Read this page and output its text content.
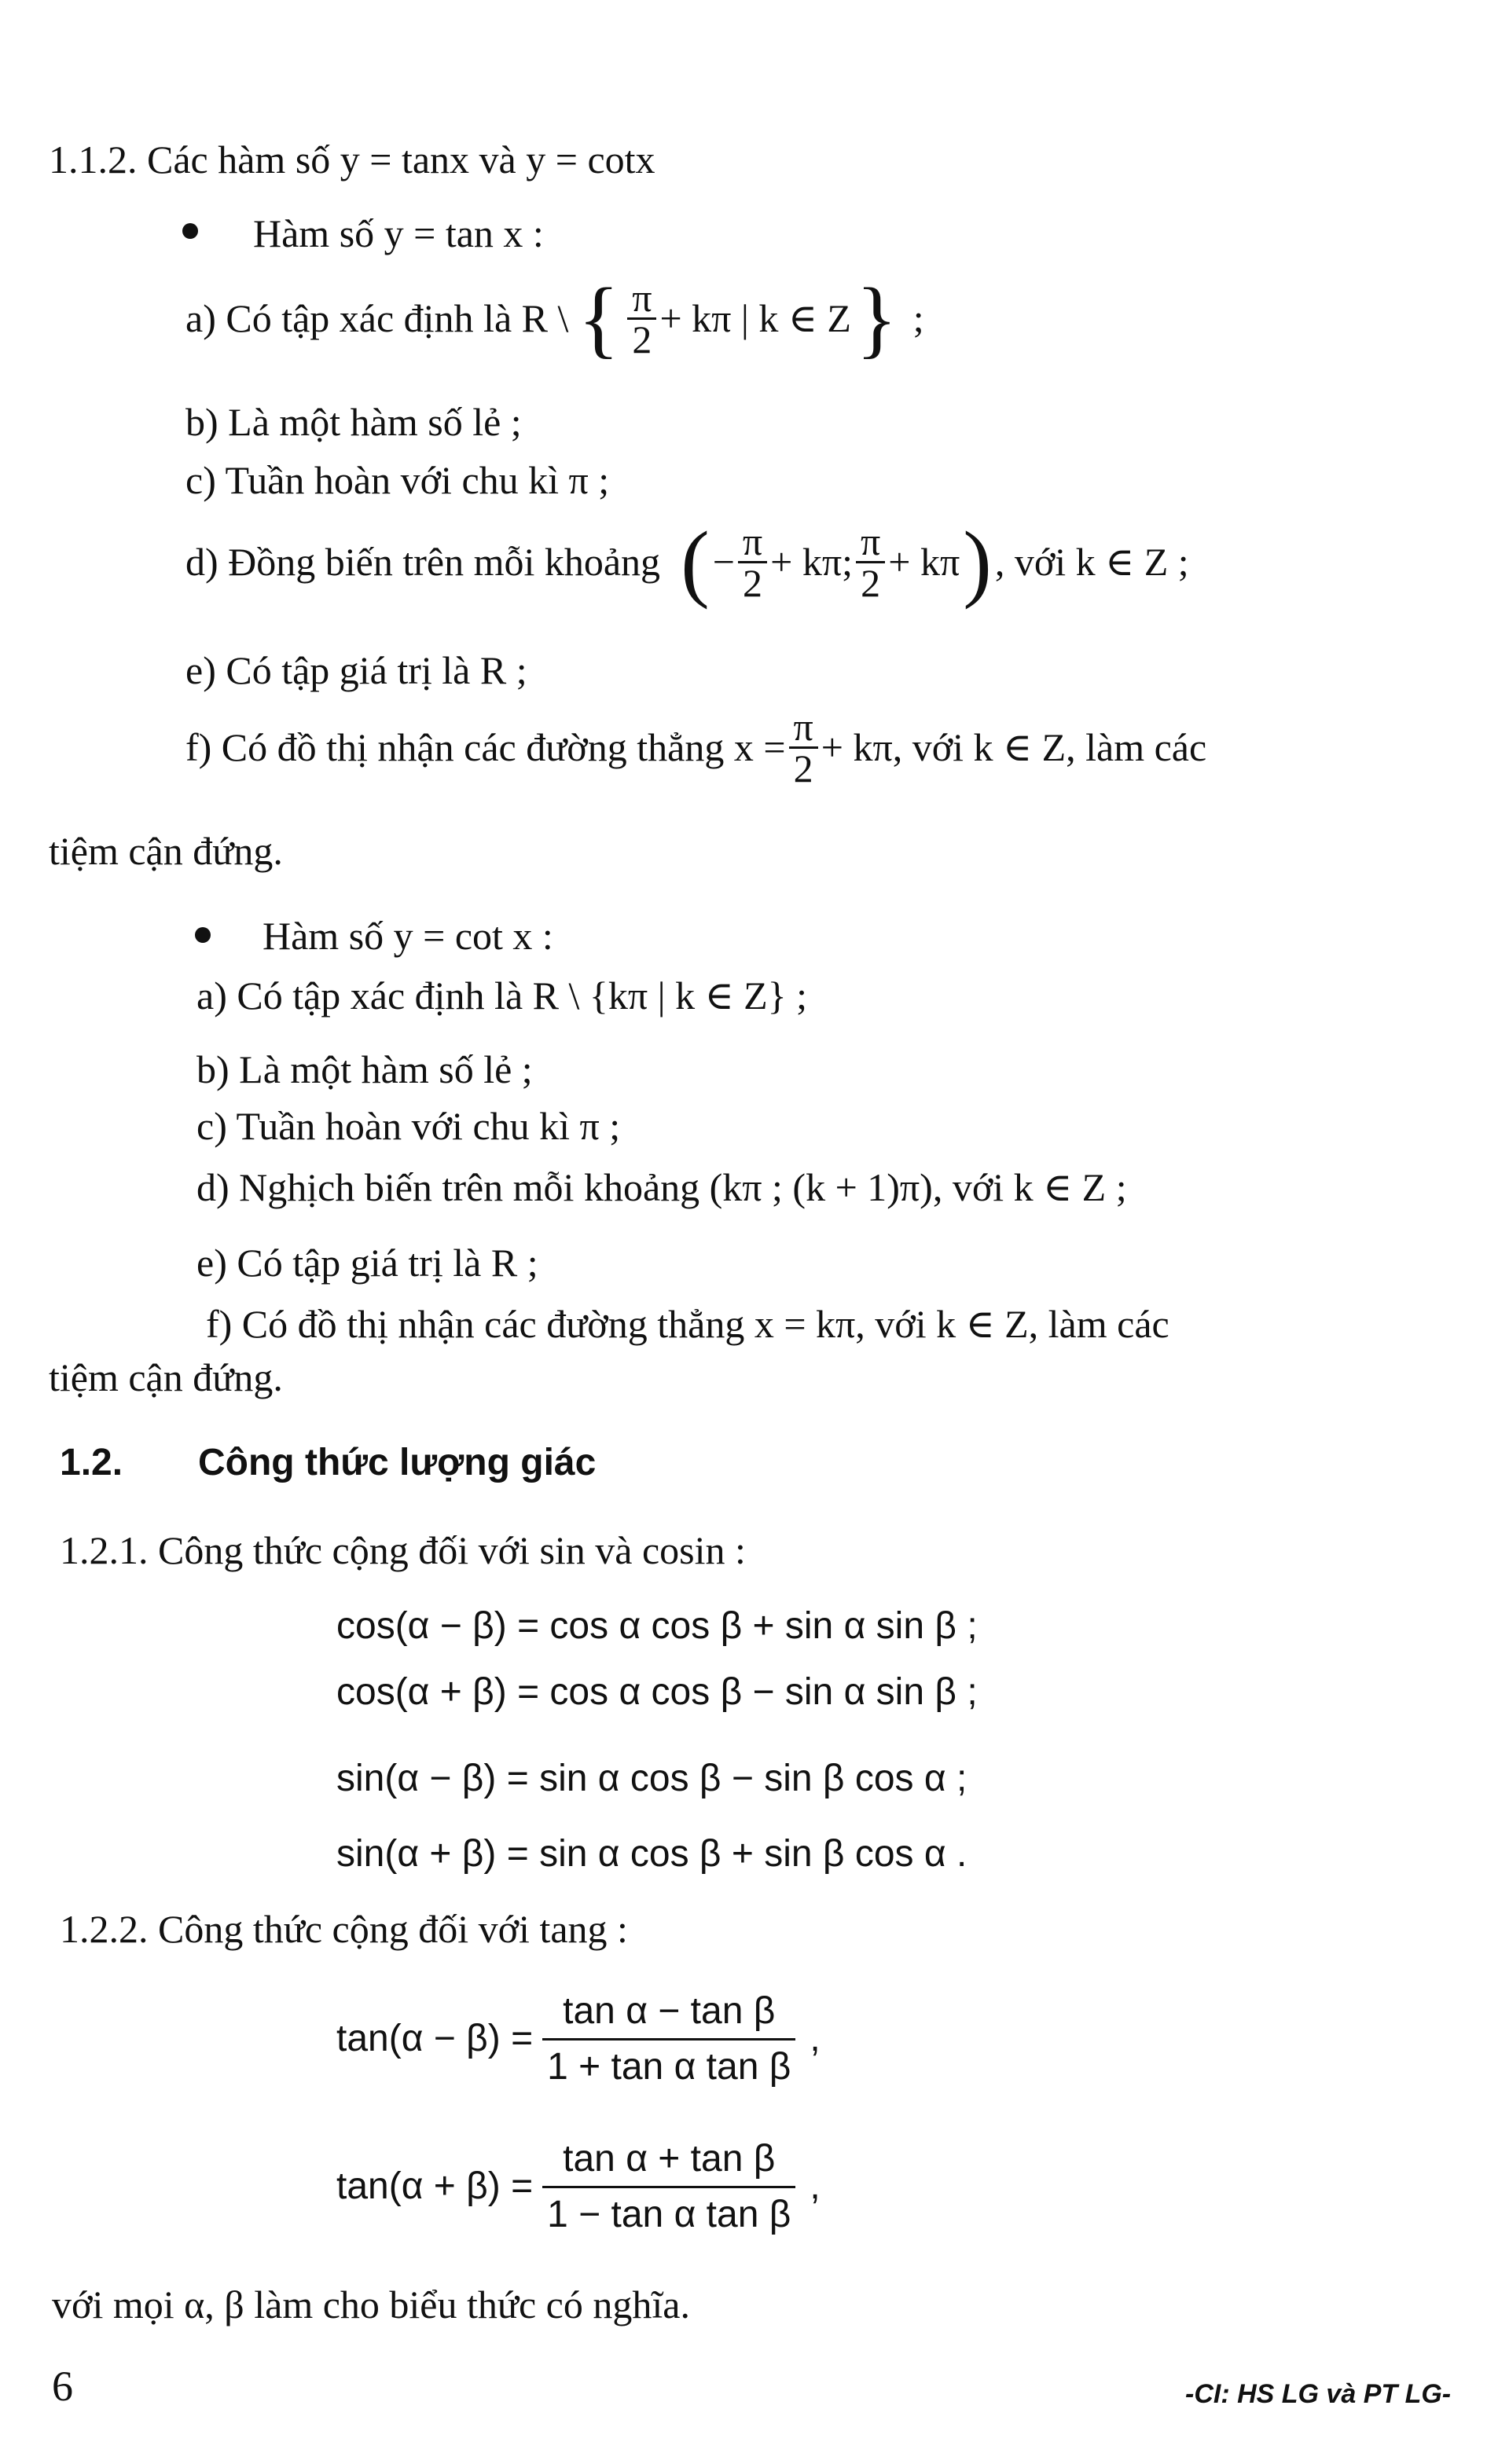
1.1.2. Các hàm số y = tanx và y = cotx
Hàm số y = tan x :
a) Có tập xác định là R \ { $\frac{\pi}{2} + k\pi$ | k ∈ Z } ;
b) Là một hàm số lẻ ;
c) Tuần hoàn với chu kì π ;
d) Đồng biến trên mỗi khoảng ( − $\frac{\pi}{2} + k\pi$; $\frac{\pi}{2} + k\pi$ ) , với k ∈ Z ;
e) Có tập giá trị là R ;
f) Có đồ thị nhận các đường thẳng $x = \frac{\pi}{2} + k\pi$, với k ∈ Z, làm các
tiệm cận đứng.
Hàm số y = cot x :
a) Có tập xác định là R \ {kπ | k ∈ Z} ;
b) Là một hàm số lẻ ;
c) Tuần hoàn với chu kì π ;
d) Nghịch biến trên mỗi khoảng (kπ ; (k + 1)π), với k ∈ Z ;
e) Có tập giá trị là R ;
f) Có đồ thị nhận các đường thẳng x = kπ, với k ∈ Z, làm các
tiệm cận đứng.
1.2. Công thức lượng giác
1.2.1. Công thức cộng đối với sin và cosin :
cos(α − β) = cos α cos β + sin α sin β ;
cos(α + β) = cos α cos β − sin α sin β ;
sin(α − β) = sin α cos β − sin β cos α ;
sin(α + β) = sin α cos β + sin β cos α .
1.2.2. Công thức cộng đối với tang :
$\tan(\alpha - \beta) = \frac{\text{tan α − tan β}}{\text{1 + tan α tan β}}$ ,
$\tan(\alpha + \beta) = \frac{\text{tan α + tan β}}{\text{1 − tan α tan β}}$ ,
với mọi α, β làm cho biểu thức có nghĩa.
6	-CI: HS LG và PT LG-
